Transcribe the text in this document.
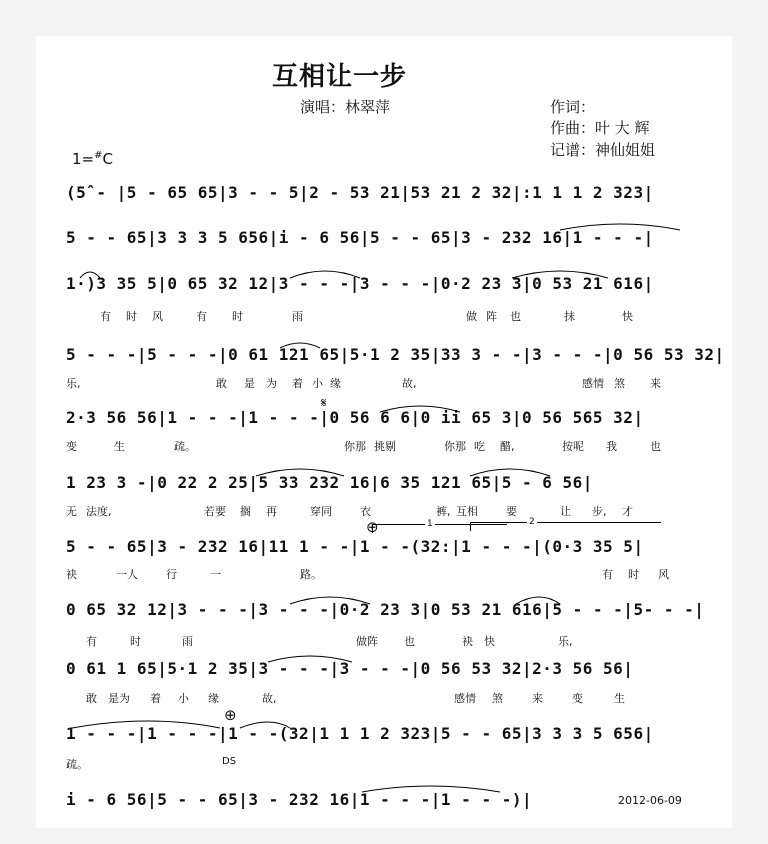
互相让一步
演唱：林翠萍	作词：
作曲：叶 大 辉
记谱：神仙姐姐
1=#C
(5̂ - |5 - 65 65|3 - - 5|2 - 53 21|53 21 2 32|:1 1 1 2 323|
5 - - 65|3 3 3 5 656|i - 6 56|5 - - 65|3 - 232 16|1 - - -|
1·)3 35 5|0 65 32 12|3 - - -|3 - - -|0·2 23 3|0 53 21 616|
5 - - -|5 - - -|0 61 121 65|5·1 2 35|33 3 - -|3 - - -|0 56 53 32|
2·3 56 56|1 - - -|1 - - -|0 56 6 6|0 ii 65 3|0 56 565 32|
1 23 3 -|0 22 2 25|5 33 232 16|6 35 121 65|5 - 6 56|
5 - - 65|3 - 232 16|11 1 - -|1 - -(32:|1 - - -|(0·3 35 5|
0 65 32 12|3 - - -|3 - - -|0·2 23 3|0 53 21 616|5 - - -|5- - -|
0 61 1 65|5·1 2 35|3 - - -|3 - - -|0 56 53 32|2·3 56 56|
1 - - -|1 - - -|1 - -(32|1 1 1 2 323|5 - - 65|3 3 3 5 656|
i - 6 56|5 - - 65|3 - 232 16|1 - - -|1 - - -)|
有 时 风	有 时	雨	做 阵 也	抹	快
乐,	敢 是 为 着 小 缘	故,	感情 煞 来
变	生	疏。	你那 挑剔	你那 吃 醋,	按呢 我	也
无 法度,	若要 搁 再	穿同	衣	裤, 互相	要	让 步, 才
袂	一人	行	一	路。	有 时 风
有	时	雨	做阵 也	袂 快	乐,
敢 是为 着 小 缘	故,	感情 煞	来	变	生
疏。	DS
2012-06-09
⊕
⊕
𝄋
1	2
